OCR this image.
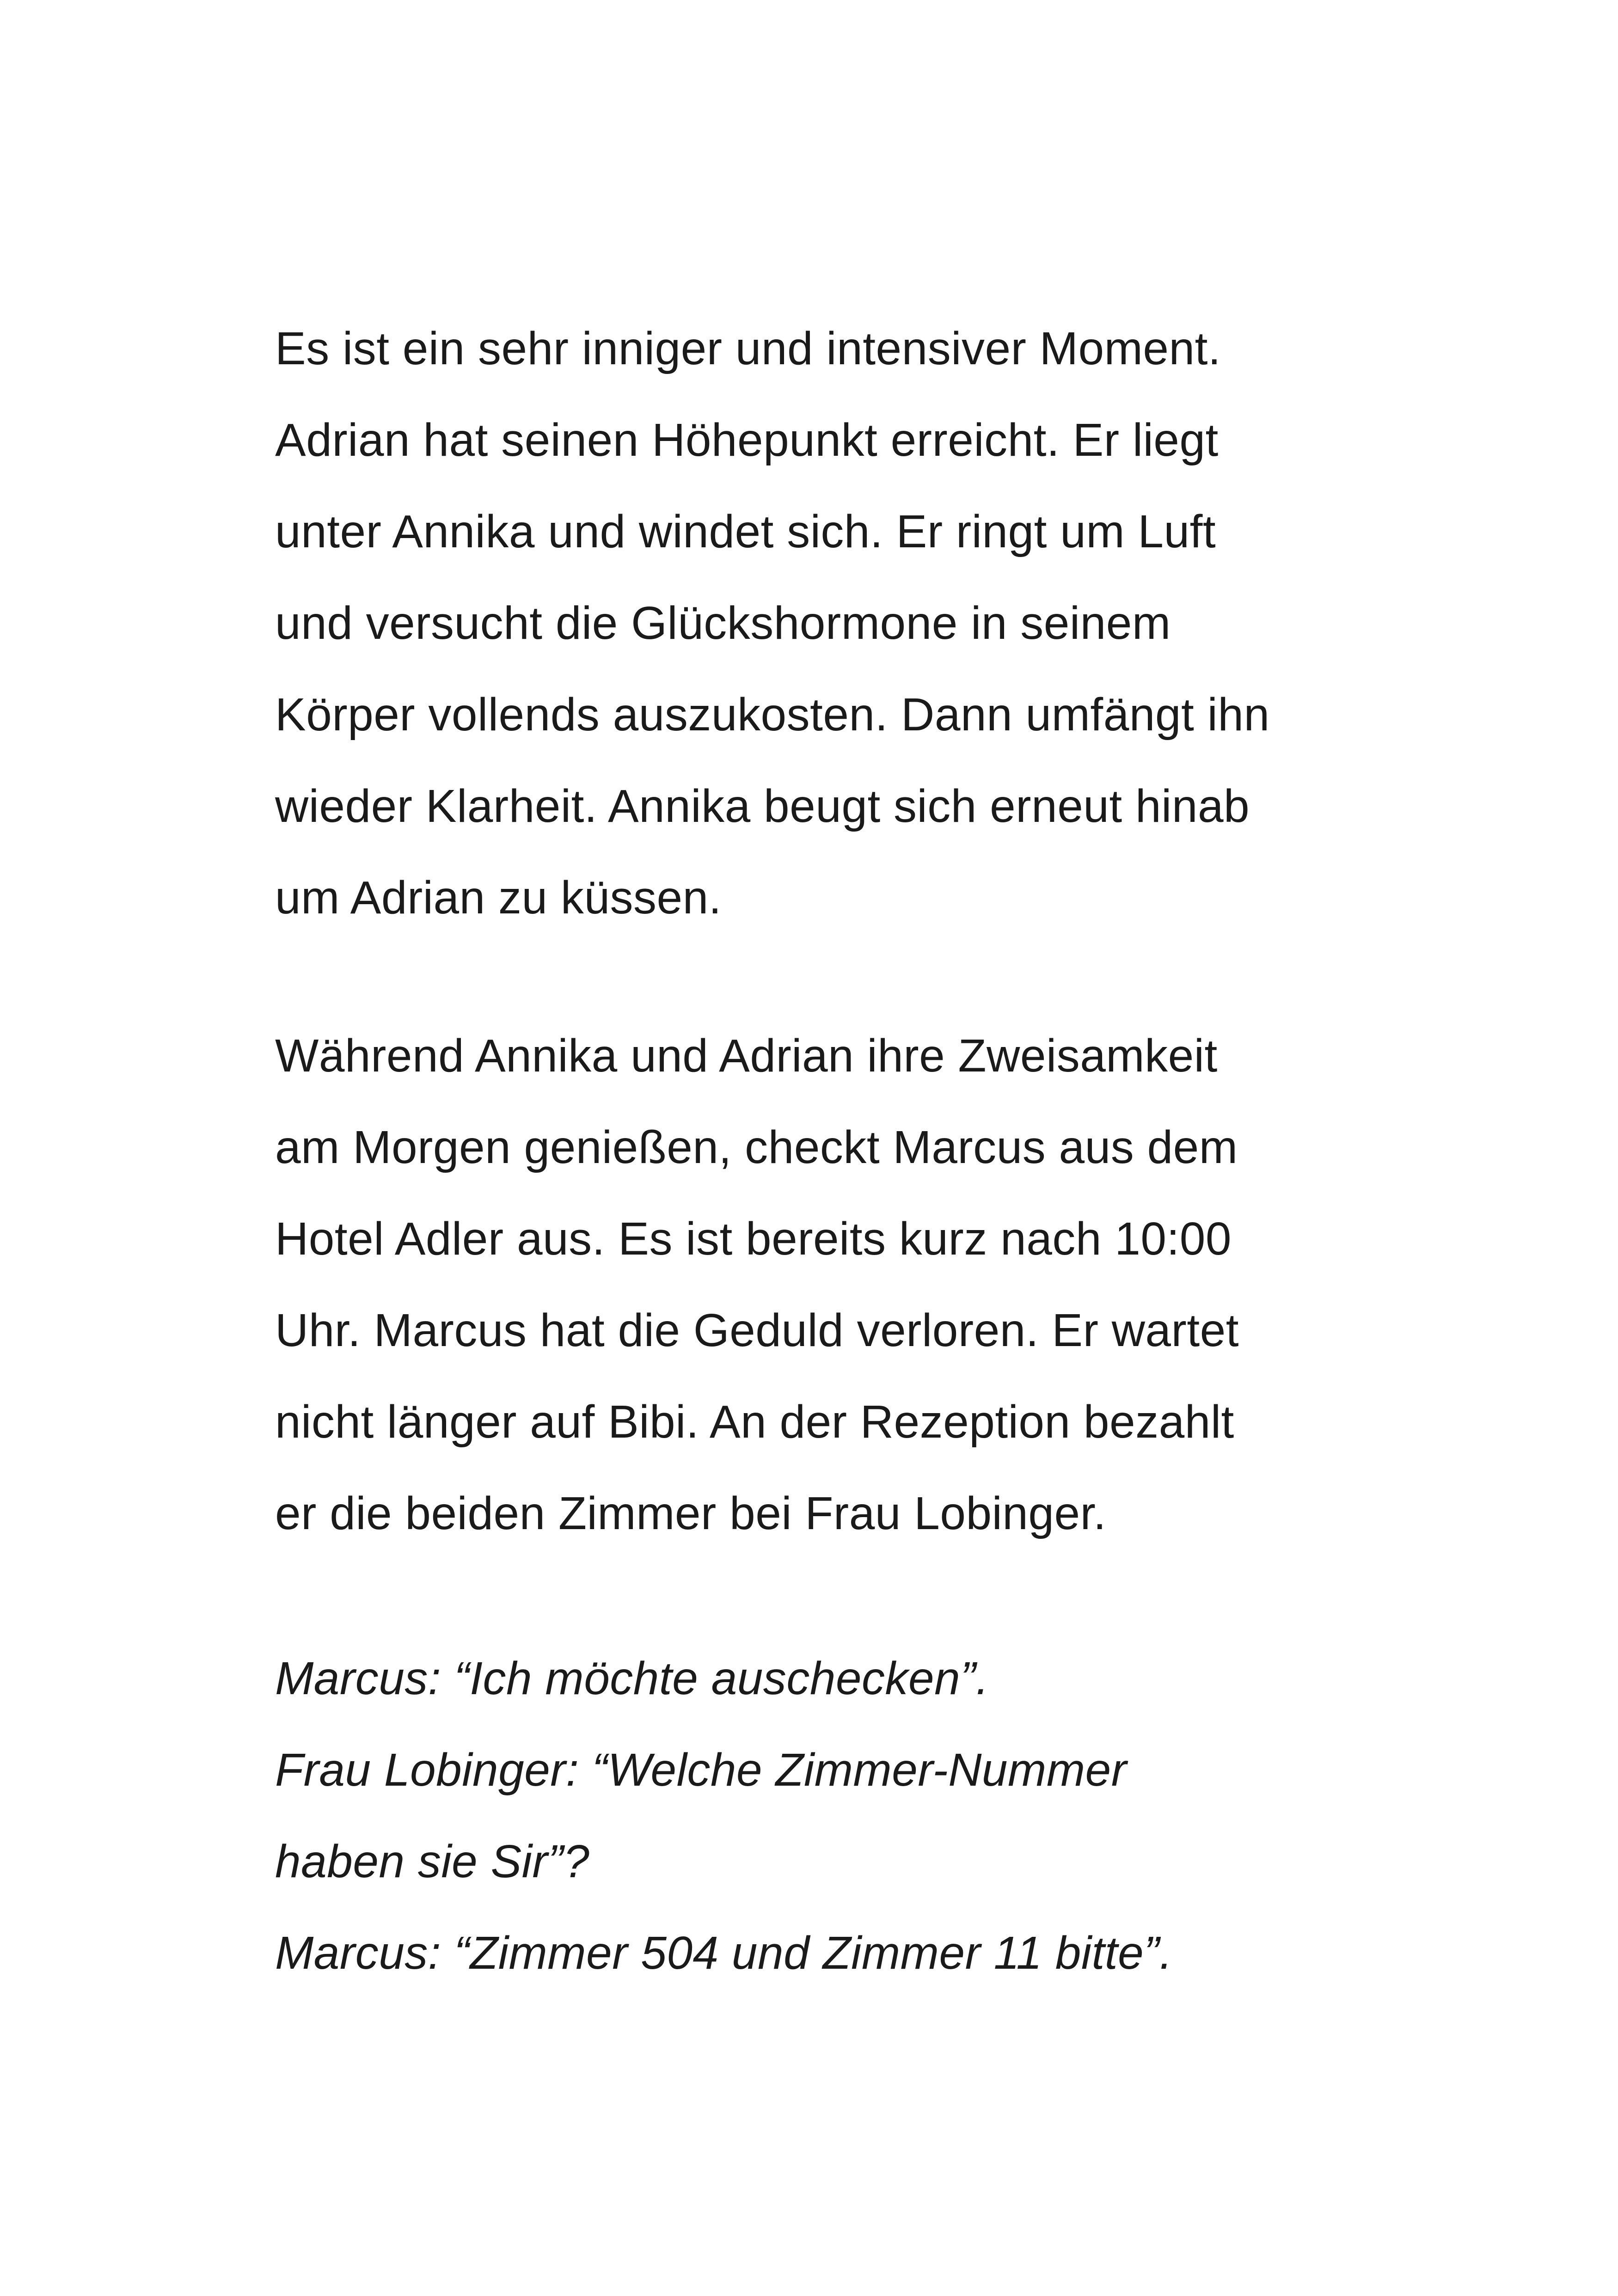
Es ist ein sehr inniger und intensiver Moment.
Adrian hat seinen Höhepunkt erreicht. Er liegt
unter Annika und windet sich. Er ringt um Luft
und versucht die Glückshormone in seinem
Körper vollends auszukosten. Dann umfängt ihn
wieder Klarheit. Annika beugt sich erneut hinab
um Adrian zu küssen.
Während Annika und Adrian ihre Zweisamkeit
am Morgen genießen, checkt Marcus aus dem
Hotel Adler aus. Es ist bereits kurz nach 10:00
Uhr. Marcus hat die Geduld verloren. Er wartet
nicht länger auf Bibi. An der Rezeption bezahlt
er die beiden Zimmer bei Frau Lobinger.
Marcus: “Ich möchte auschecken”.
Frau Lobinger: “Welche Zimmer-Nummer
haben sie Sir”?
Marcus: “Zimmer 504 und Zimmer 11 bitte”.
